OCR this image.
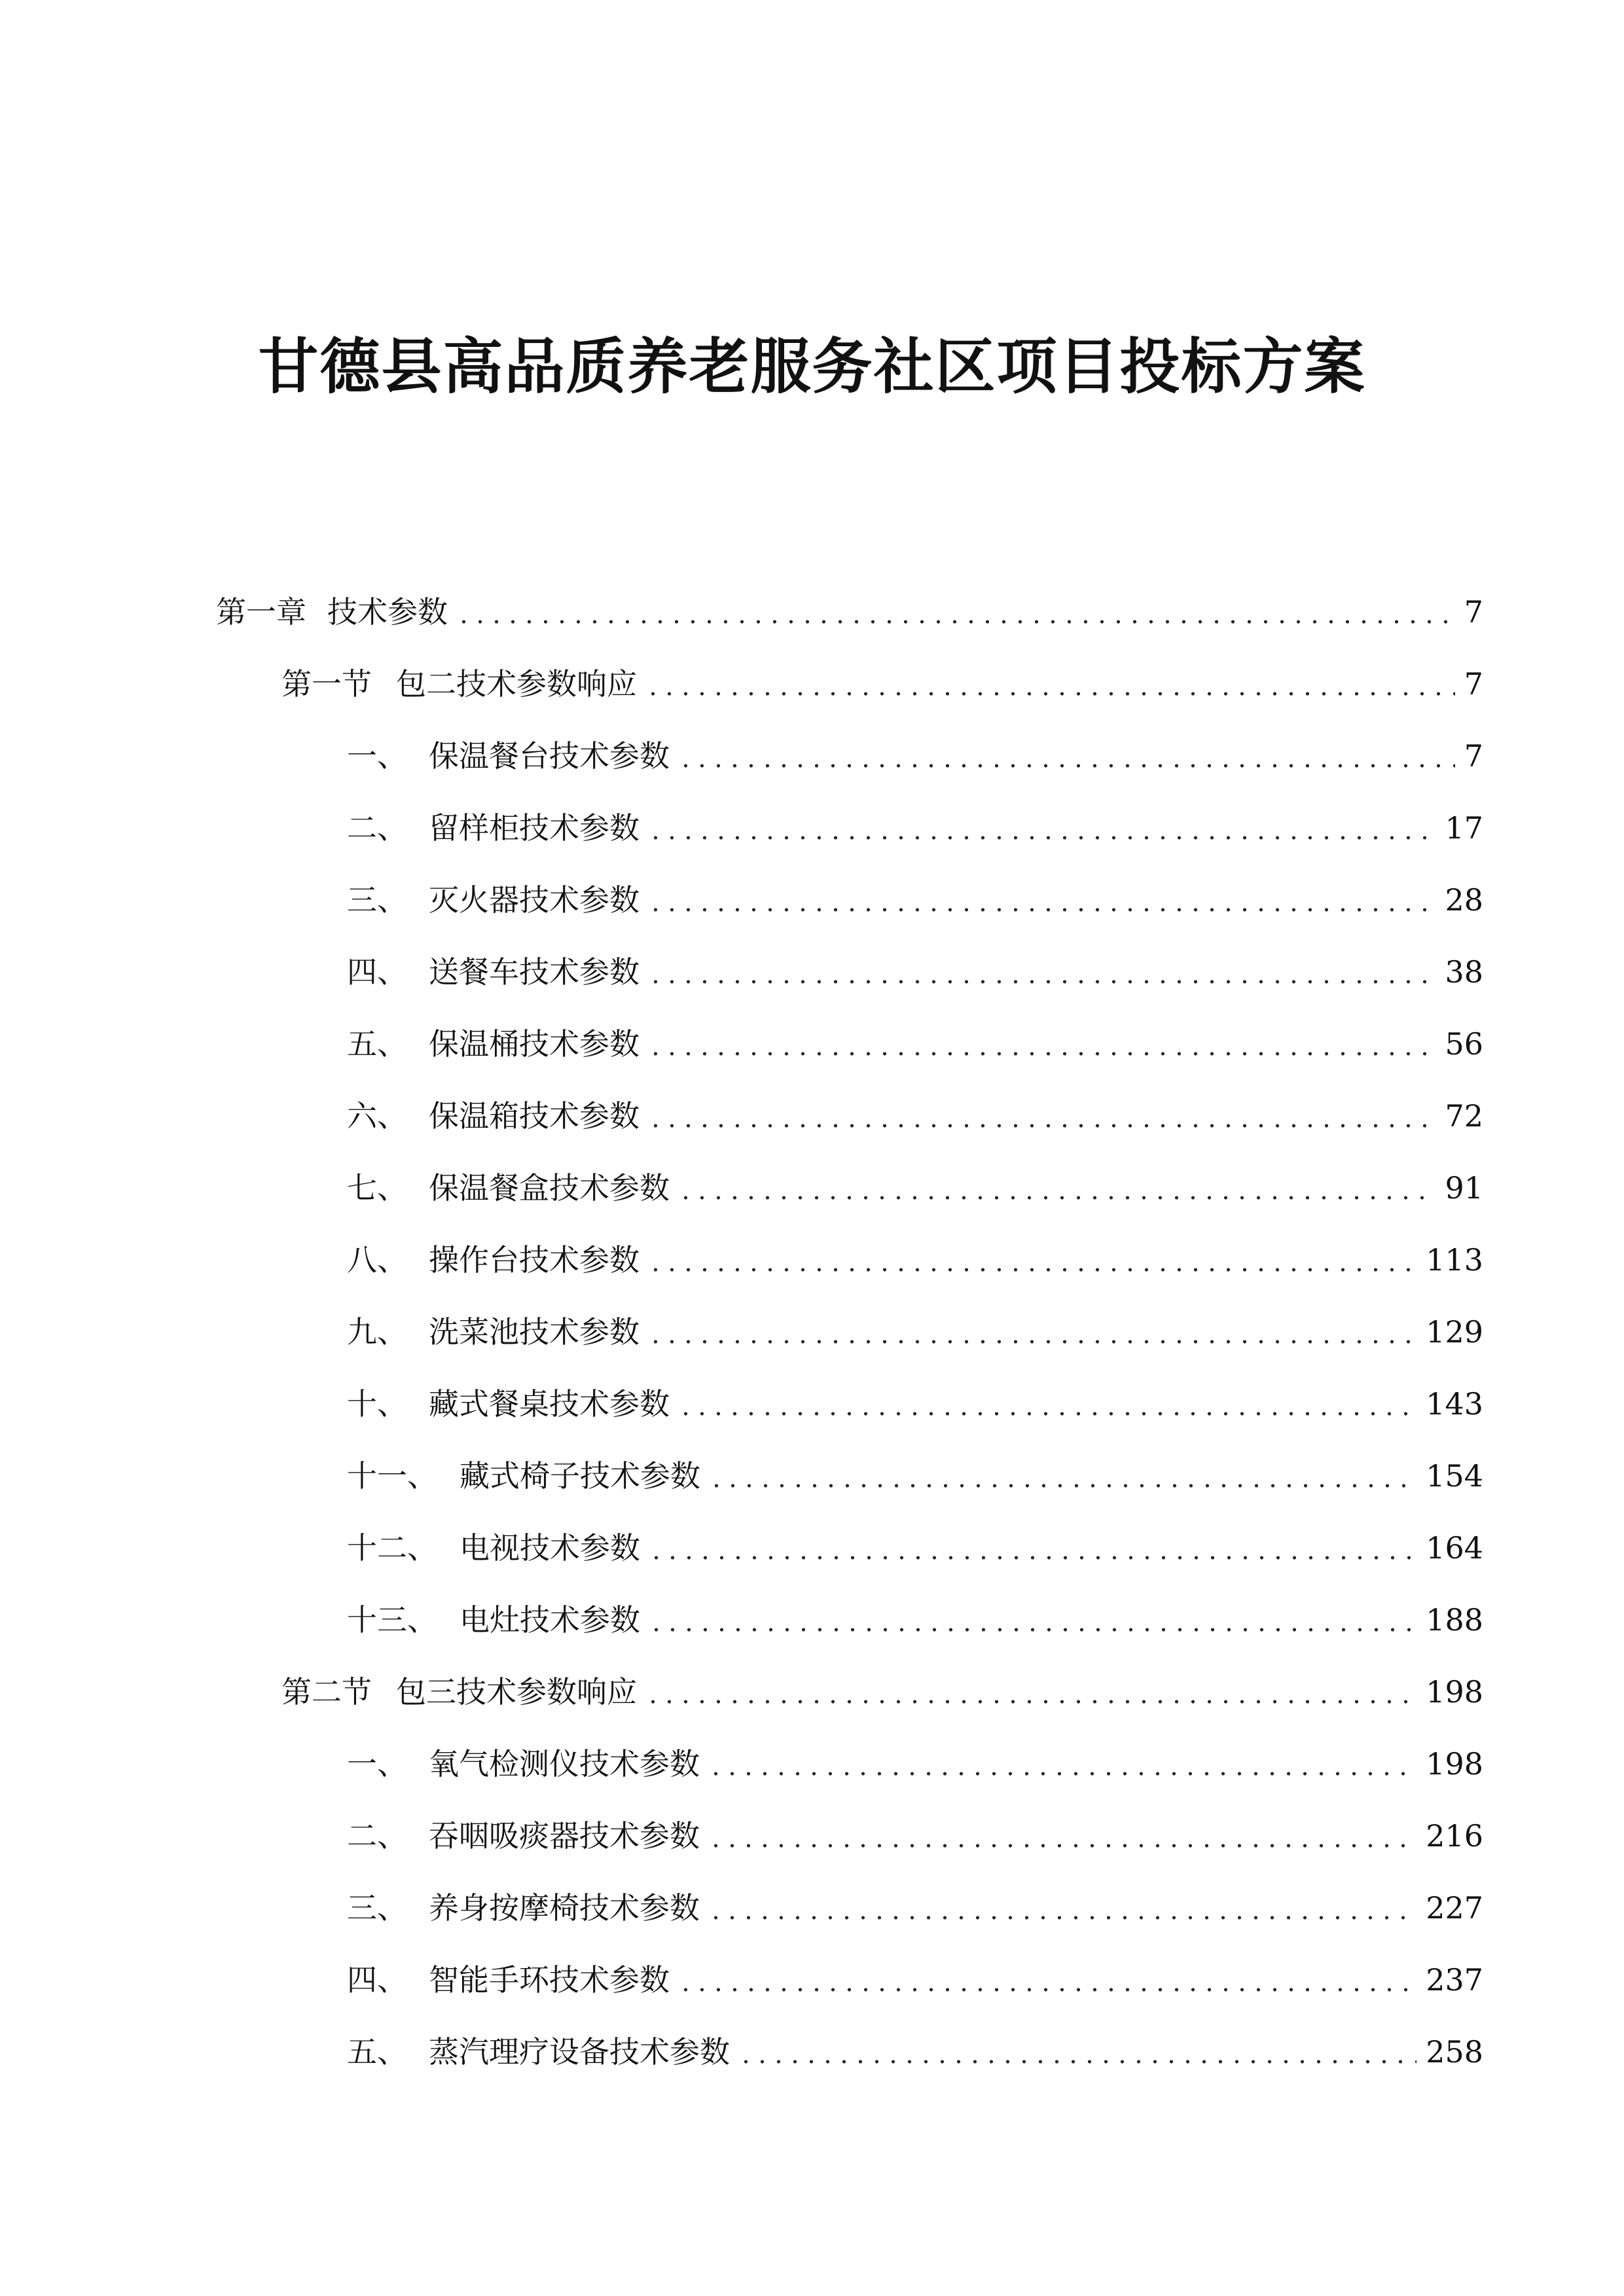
甘德县高品质养老服务社区项目投标方案
第一章 技术参数	7
第一节 包二技术参数响应	7
一、 保温餐台技术参数	7
二、 留样柜技术参数	17
三、 灭火器技术参数	28
四、 送餐车技术参数	38
五、 保温桶技术参数	56
六、 保温箱技术参数	72
七、 保温餐盒技术参数	91
八、 操作台技术参数	113
九、 洗菜池技术参数	129
十、 藏式餐桌技术参数	143
十一、 藏式椅子技术参数	154
十二、 电视技术参数	164
十三、 电灶技术参数	188
第二节 包三技术参数响应	198
一、 氧气检测仪技术参数	198
二、 吞咽吸痰器技术参数	216
三、 养身按摩椅技术参数	227
四、 智能手环技术参数	237
五、 蒸汽理疗设备技术参数	258
